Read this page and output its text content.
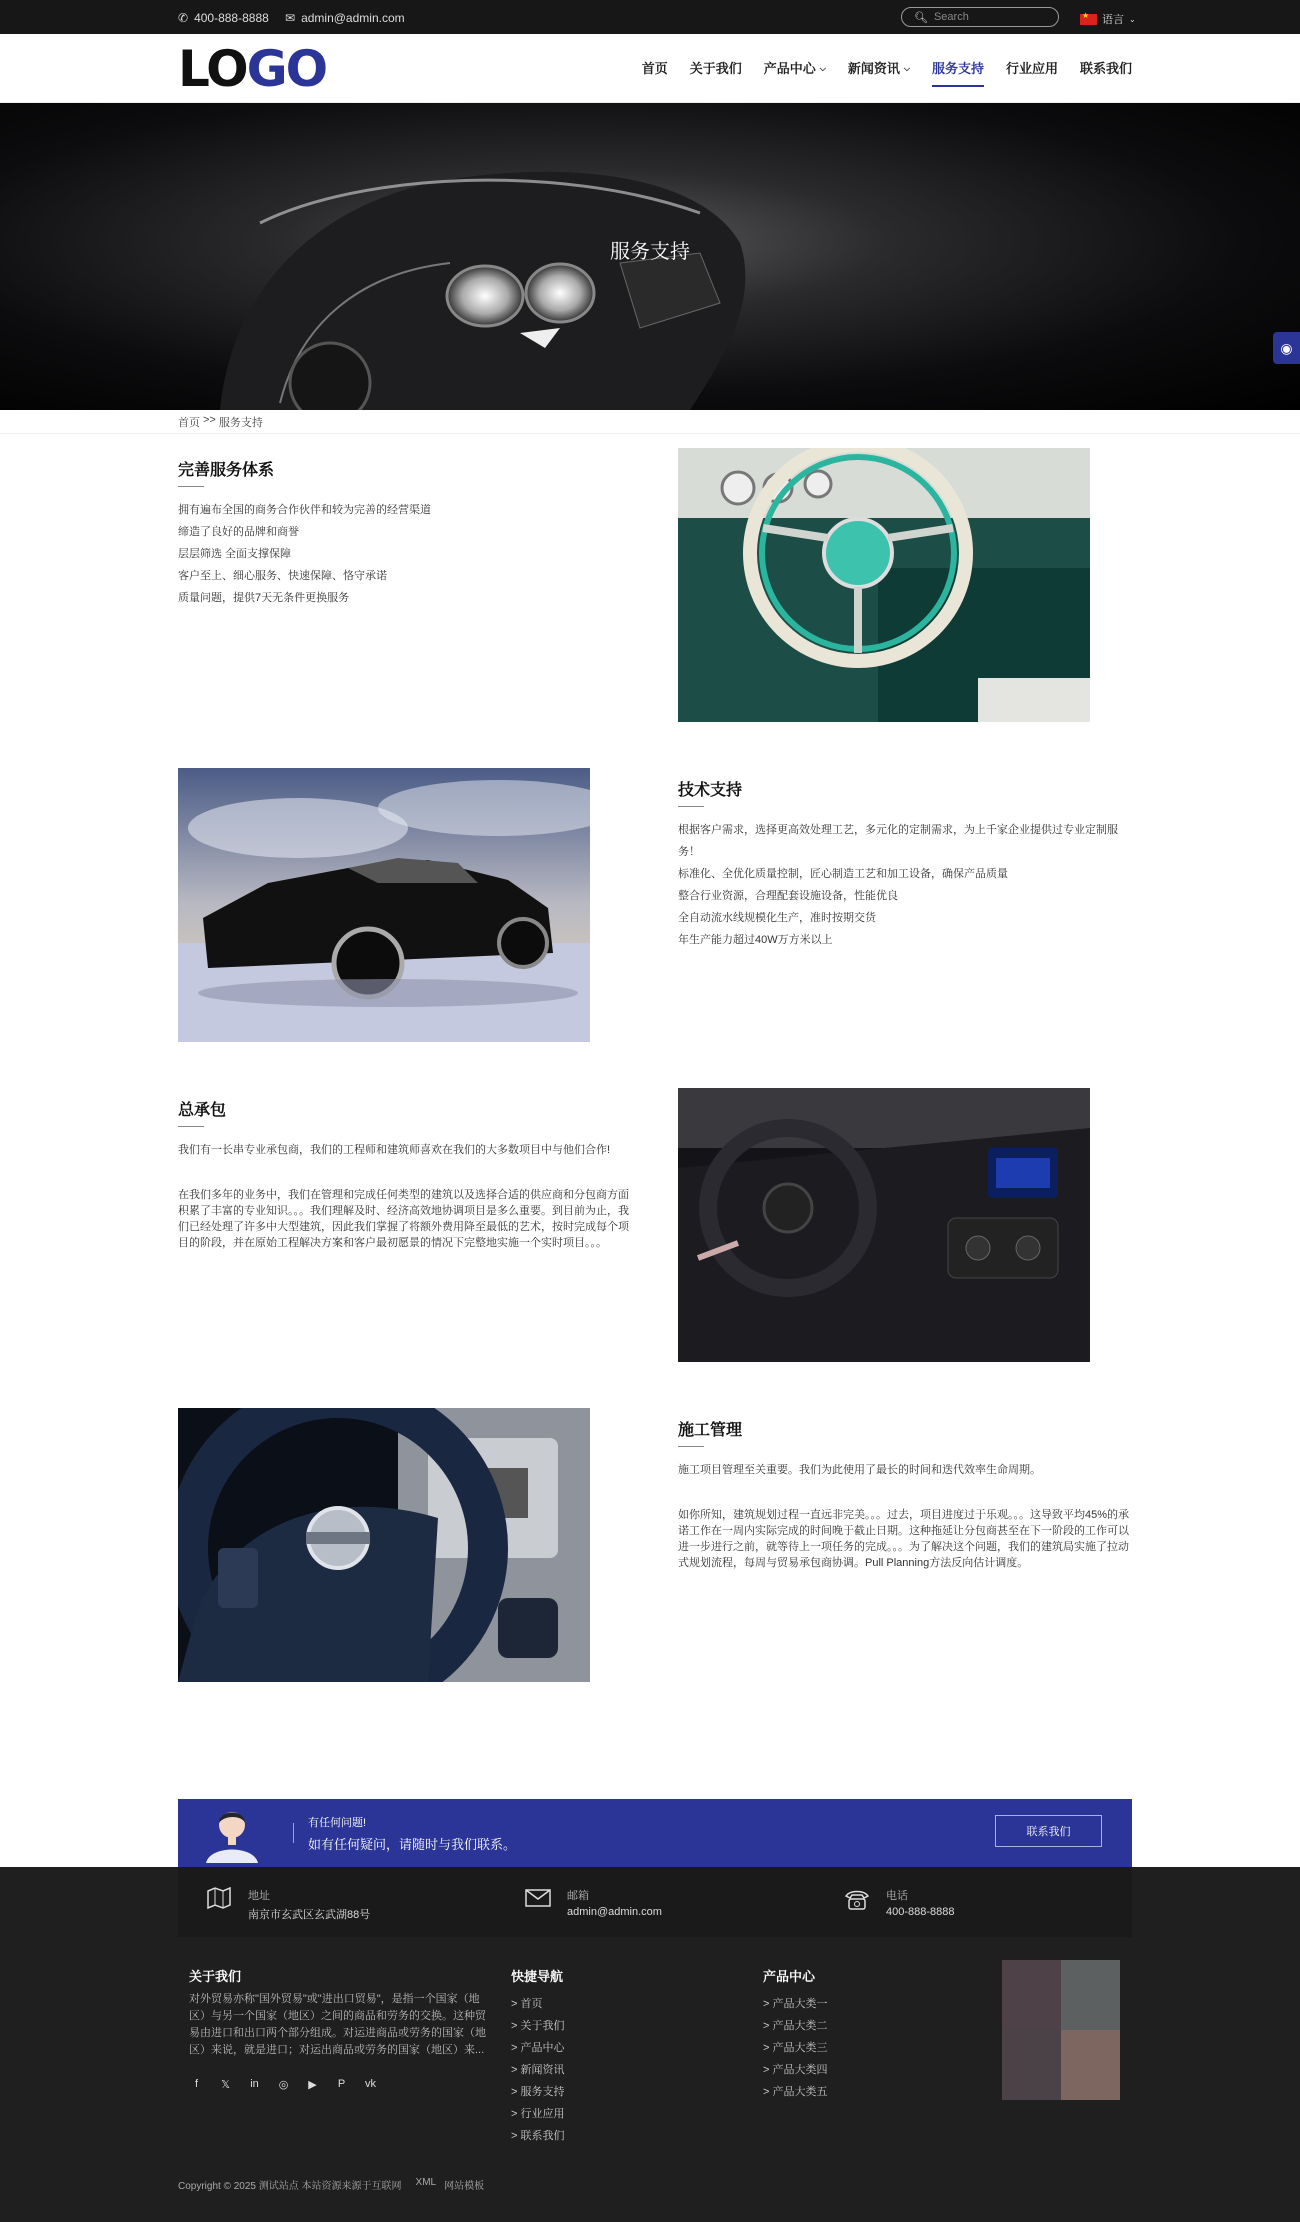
✆ 400-888-8888 ✉ admin@admin.com	🔍︎
Search ★	语言 ⌄
LOGO	首页 关于我们 产品中心 ⌵ 新闻资讯 ⌵ 服务支持 行业应用 联系我们
服务支持
◉
首页 >> 服务支持
完善服务体系
拥有遍布全国的商务合作伙伴和较为完善的经营渠道
缔造了良好的品牌和商誉
层层筛选 全面支撑保障
客户至上、细心服务、快速保障、恪守承诺
质量问题，提供7天无条件更换服务
技术支持
根据客户需求，选择更高效处理工艺，多元化的定制需求，为上千家企业提供过专业定制服务！
标准化、全优化质量控制，匠心制造工艺和加工设备，确保产品质量
整合行业资源，合理配套设施设备，性能优良
全自动流水线规模化生产，准时按期交货
年生产能力超过40W万方米以上
总承包
我们有一长串专业承包商，我们的工程师和建筑师喜欢在我们的大多数项目中与他们合作!
在我们多年的业务中，我们在管理和完成任何类型的建筑以及选择合适的供应商和分包商方面积累了丰富的专业知识。。。我们理解及时、经济高效地协调项目是多么重要。到目前为止，我们已经处理了许多中大型建筑，因此我们掌握了将额外费用降至最低的艺术，按时完成每个项目的阶段，并在原始工程解决方案和客户最初愿景的情况下完整地实施一个实时项目。。。
施工管理
施工项目管理至关重要。我们为此使用了最长的时间和迭代效率生命周期。
如你所知，建筑规划过程一直远非完美。。。过去，项目进度过于乐观。。。这导致平均45%的承诺工作在一周内实际完成的时间晚于截止日期。这种拖延让分包商甚至在下一阶段的工作可以进一步进行之前，就等待上一项任务的完成。。。为了解决这个问题，我们的建筑局实施了拉动式规划流程，每周与贸易承包商协调。Pull Planning方法反向估计调度。
有任何问题!
如有任何疑问，请随时与我们联系。
联系我们
地址
南京市玄武区玄武湖88号
邮箱
admin@admin.com
电话
400-888-8888
关于我们
对外贸易亦称"国外贸易"或"进出口贸易"，是指一个国家（地区）与另一个国家（地区）之间的商品和劳务的交换。这种贸易由进口和出口两个部分组成。对运进商品或劳务的国家（地区）来说，就是进口；对运出商品或劳务的国家（地区）来...
f	𝕏 in ◎ ▶ P vk
快捷导航
> 首页
> 关于我们
> 产品中心
> 新闻资讯
> 服务支持
> 行业应用
> 联系我们
产品中心
> 产品大类一
> 产品大类二
> 产品大类三
> 产品大类四
> 产品大类五
Copyright © 2025 测试站点 本站资源来源于互联网 XML 网站模板
